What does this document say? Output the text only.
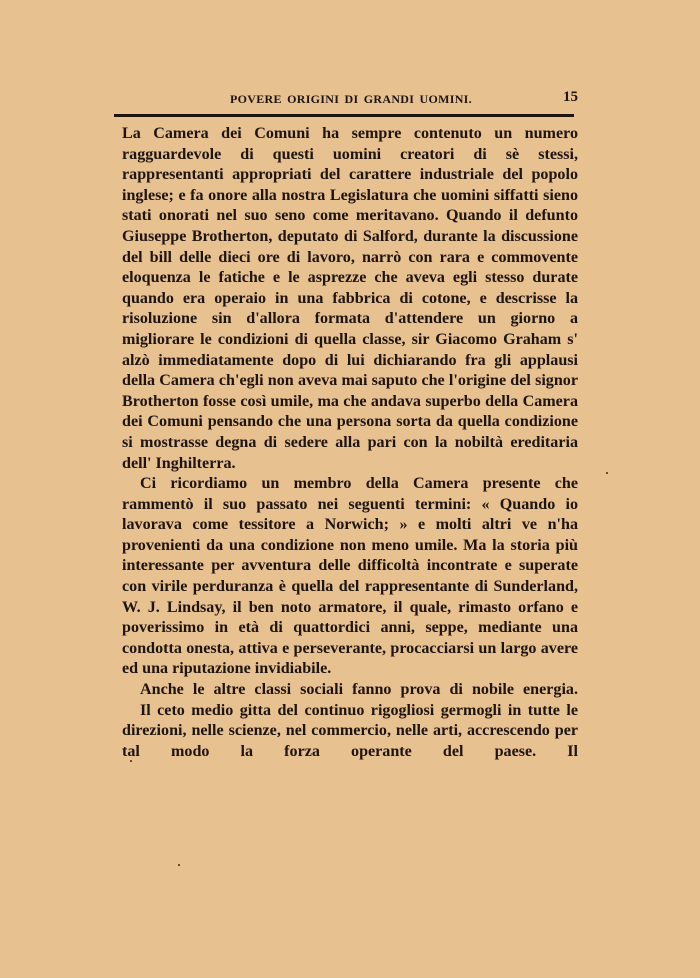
POVERE ORIGINI DI GRANDI UOMINI.	15

La Camera dei Comuni ha sempre contenuto un numero ragguardevole di questi uomini creatori di sè stessi, rappresentanti appropriati del carattere industriale del popolo inglese; e fa onore alla nostra Legislatura che uomini siffatti sieno stati onorati nel suo seno come meritavano. Quando il defunto Giuseppe Brotherton, deputato di Salford, durante la discussione del bill delle dieci ore di lavoro, narrò con rara e commovente eloquenza le fatiche e le asprezze che aveva egli stesso durate quando era operaio in una fabbrica di cotone, e descrisse la risoluzione sin d'allora formata d'attendere un giorno a migliorare le condizioni di quella classe, sir Giacomo Graham s' alzò immediatamente dopo di lui dichiarando fra gli applausi della Camera ch'egli non aveva mai saputo che l'origine del signor Brotherton fosse così umile, ma che andava superbo della Camera dei Comuni pensando che una persona sorta da quella condizione si mostrasse degna di sedere alla pari con la nobiltà ereditaria dell' Inghilterra.

Ci ricordiamo un membro della Camera presente che rammentò il suo passato nei seguenti termini: « Quando io lavorava come tessitore a Norwich; » e molti altri ve n'ha provenienti da una condizione non meno umile. Ma la storia più interessante per avventura delle difficoltà incontrate e superate con virile perduranza è quella del rappresentante di Sunderland, W. J. Lindsay, il ben noto armatore, il quale, rimasto orfano e poverissimo in età di quattordici anni, seppe, mediante una condotta onesta, attiva e perseverante, procacciarsi un largo avere ed una riputazione invidiabile.

Anche le altre classi sociali fanno prova di nobile energia.

Il ceto medio gitta del continuo rigogliosi germogli in tutte le direzioni, nelle scienze, nel commercio, nelle arti, accrescendo per tal modo la forza operante del paese. Il
